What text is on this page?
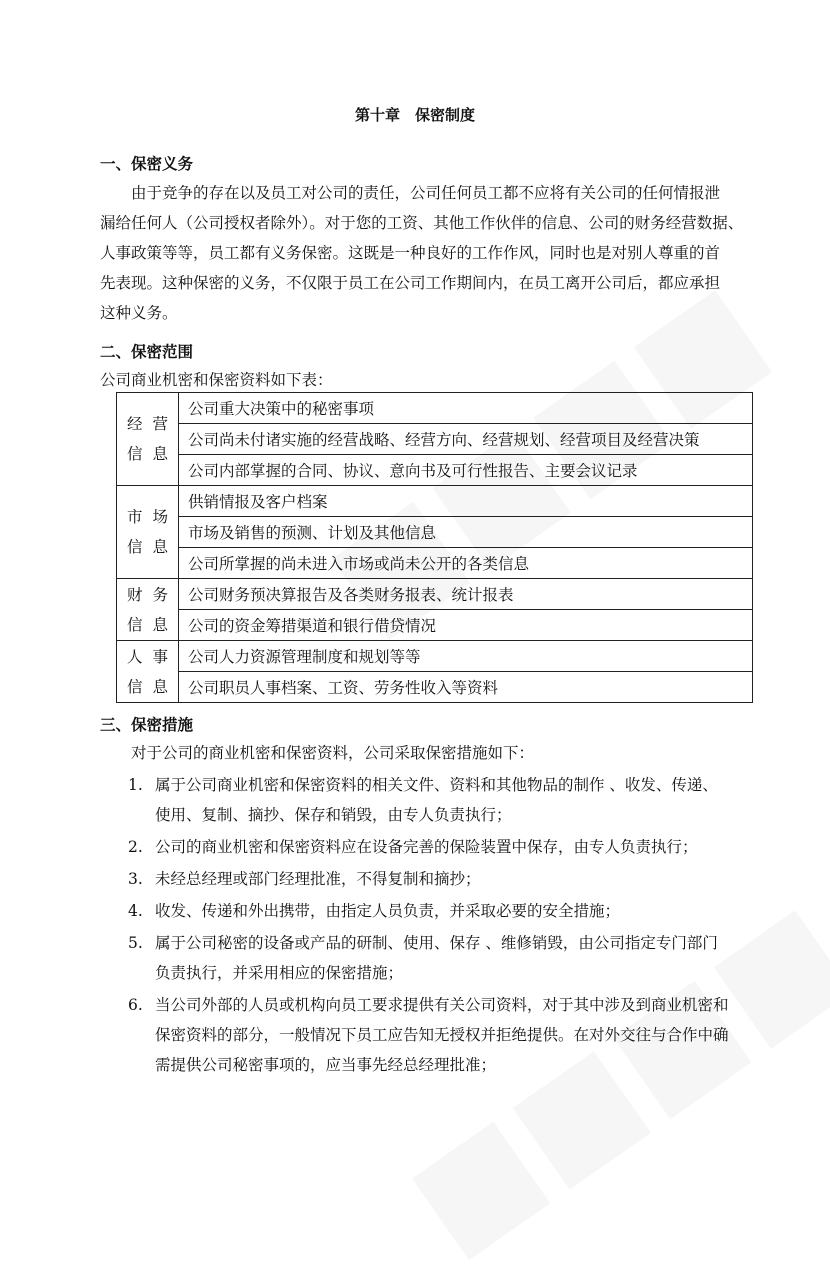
第十章　保密制度
一、保密义务

由于竞争的存在以及员工对公司的责任，公司任何员工都不应将有关公司的任何情报泄
漏给任何人（公司授权者除外）。对于您的工资、其他工作伙伴的信息、公司的财务经营数据、
人事政策等等，员工都有义务保密。这既是一种良好的工作作风，同时也是对别人尊重的首
先表现。这种保密的义务，不仅限于员工在公司工作期间内，在员工离开公司后，都应承担
这种义务。

二、保密范围
公司商业机密和保密资料如下表：
经营
信息	公司重大决策中的秘密事项
	公司尚未付诸实施的经营战略、经营方向、经营规划、经营项目及经营决策
	公司内部掌握的合同、协议、意向书及可行性报告、主要会议记录

市场
信息	供销情报及客户档案
	市场及销售的预测、计划及其他信息
	公司所掌握的尚未进入市场或尚未公开的各类信息

财务
信息	公司财务预决算报告及各类财务报表、统计报表
	公司的资金筹措渠道和银行借贷情况

人事
信息	公司人力资源管理制度和规划等等
	公司职员人事档案、工资、劳务性收入等资料
三、保密措施
对于公司的商业机密和保密资料，公司采取保密措施如下：
1. 属于公司商业机密和保密资料的相关文件、资料和其他物品的制作 、收发、传递、
使用、复制、摘抄、保存和销毁，由专人负责执行；
2. 公司的商业机密和保密资料应在设备完善的保险装置中保存，由专人负责执行；
3. 未经总经理或部门经理批准，不得复制和摘抄；
4. 收发、传递和外出携带，由指定人员负责，并采取必要的安全措施；
5. 属于公司秘密的设备或产品的研制、使用、保存 、维修销毁，由公司指定专门部门
负责执行，并采用相应的保密措施；
6. 当公司外部的人员或机构向员工要求提供有关公司资料，对于其中涉及到商业机密和
保密资料的部分，一般情况下员工应告知无授权并拒绝提供。在对外交往与合作中确
需提供公司秘密事项的，应当事先经总经理批准；
